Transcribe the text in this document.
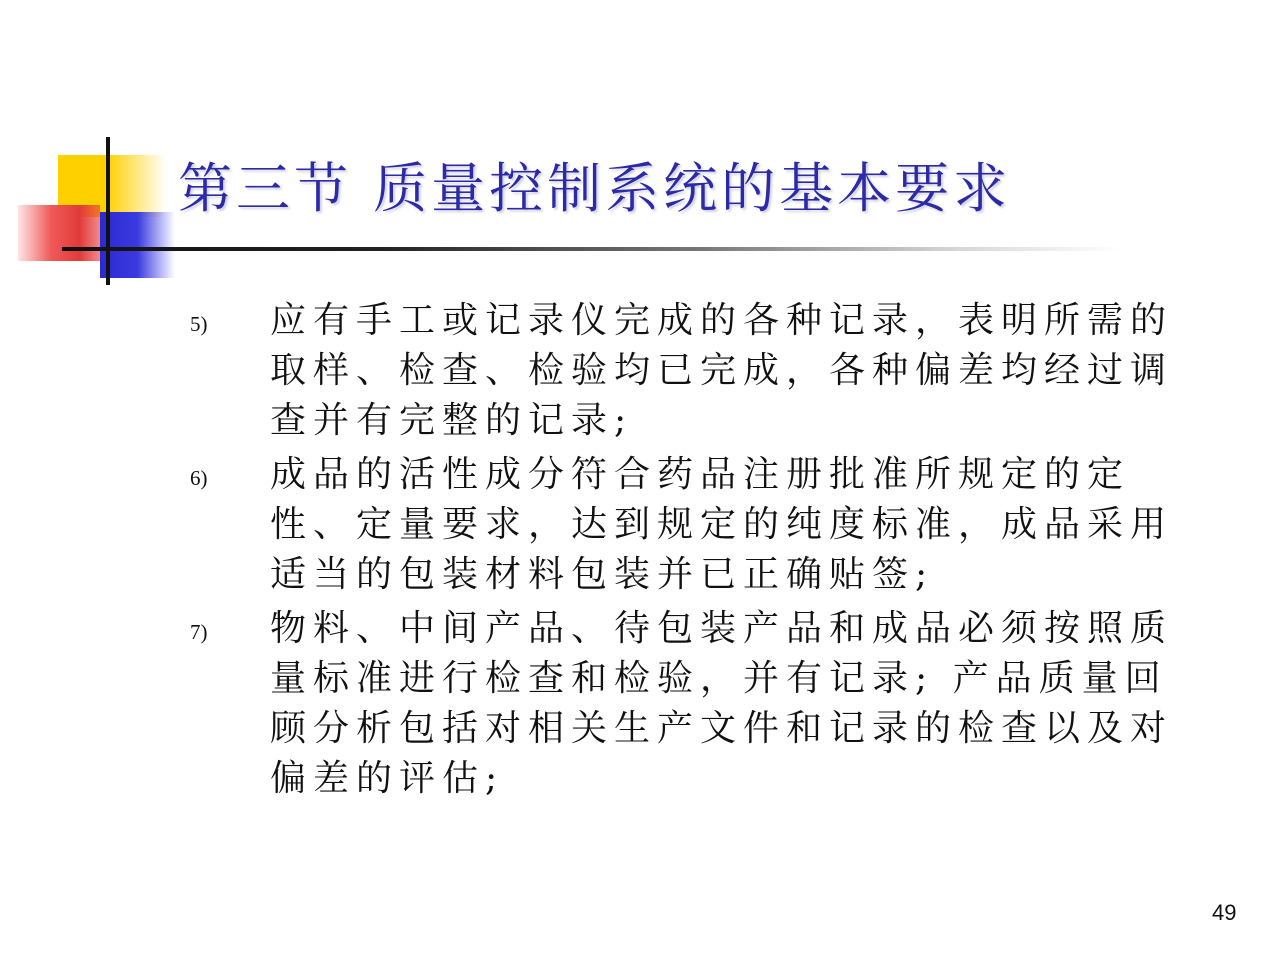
第三节 质量控制系统的基本要求
5) 应有手工或记录仪完成的各种记录，表明所需的取样、检查、检验均已完成，各种偏差均经过调查并有完整的记录;
6) 成品的活性成分符合药品注册批准所规定的定性、定量要求，达到规定的纯度标准，成品采用适当的包装材料包装并已正确贴签;
7) 物料、中间产品、待包装产品和成品必须按照质量标准进行检查和检验，并有记录; 产品质量回顾分析包括对相关生产文件和记录的检查以及对偏差的评估;
49
